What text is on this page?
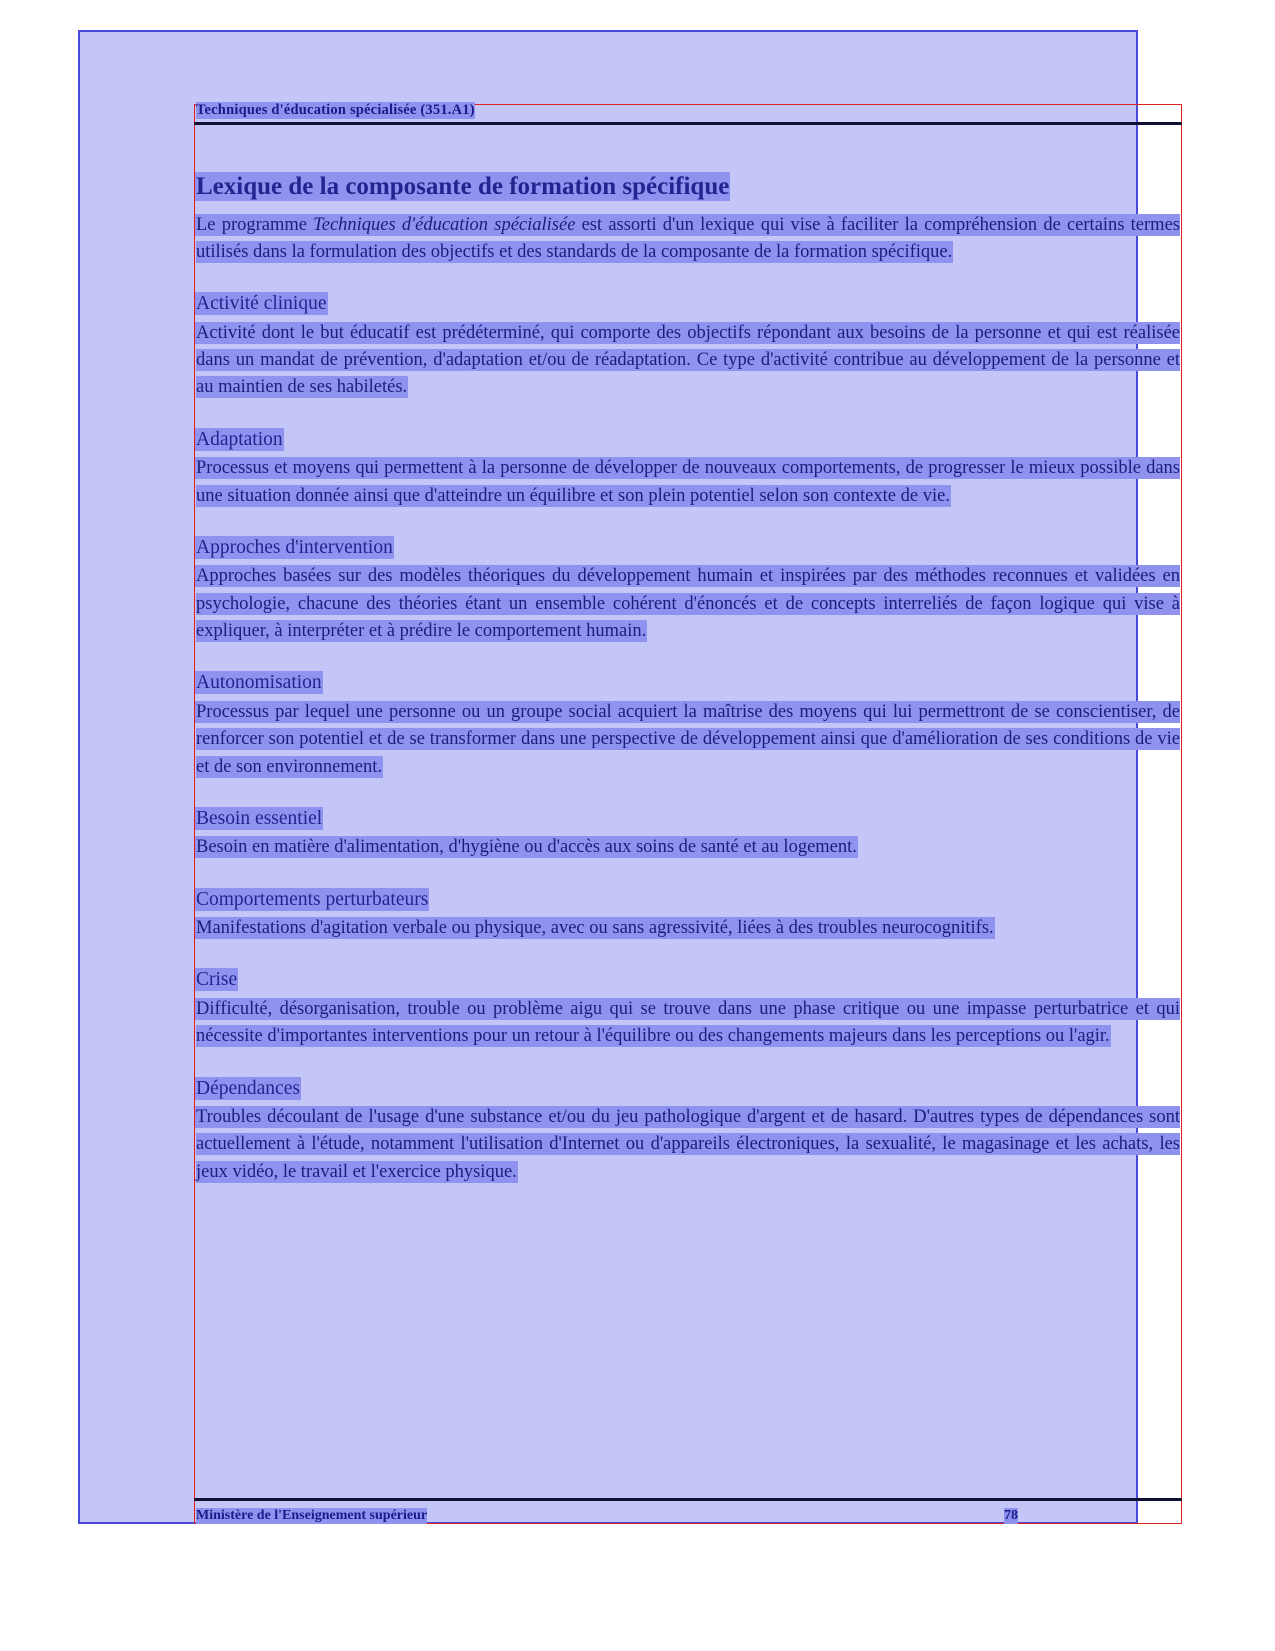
Techniques d'éducation spécialisée (351.A1)
Lexique de la composante de formation spécifique

Le programme Techniques d'éducation spécialisée est assorti d'un lexique qui vise à faciliter la compréhension de certains termes utilisés dans la formulation des objectifs et des standards de la composante de la formation spécifique.

Activité clinique

Activité dont le but éducatif est prédéterminé, qui comporte des objectifs répondant aux besoins de la personne et qui est réalisée dans un mandat de prévention, d'adaptation et/ou de réadaptation. Ce type d'activité contribue au développement de la personne et au maintien de ses habiletés.

Adaptation

Processus et moyens qui permettent à la personne de développer de nouveaux comportements, de progresser le mieux possible dans une situation donnée ainsi que d'atteindre un équilibre et son plein potentiel selon son contexte de vie.

Approches d'intervention

Approches basées sur des modèles théoriques du développement humain et inspirées par des méthodes reconnues et validées en psychologie, chacune des théories étant un ensemble cohérent d'énoncés et de concepts interreliés de façon logique qui vise à expliquer, à interpréter et à prédire le comportement humain.

Autonomisation

Processus par lequel une personne ou un groupe social acquiert la maîtrise des moyens qui lui permettront de se conscientiser, de renforcer son potentiel et de se transformer dans une perspective de développement ainsi que d'amélioration de ses conditions de vie et de son environnement.

Besoin essentiel

Besoin en matière d'alimentation, d'hygiène ou d'accès aux soins de santé et au logement.

Comportements perturbateurs

Manifestations d'agitation verbale ou physique, avec ou sans agressivité, liées à des troubles neurocognitifs.

Crise

Difficulté, désorganisation, trouble ou problème aigu qui se trouve dans une phase critique ou une impasse perturbatrice et qui nécessite d'importantes interventions pour un retour à l'équilibre ou des changements majeurs dans les perceptions ou l'agir.

Dépendances

Troubles découlant de l'usage d'une substance et/ou du jeu pathologique d'argent et de hasard. D'autres types de dépendances sont actuellement à l'étude, notamment l'utilisation d'Internet ou d'appareils électroniques, la sexualité, le magasinage et les achats, les jeux vidéo, le travail et l'exercice physique.

Ministère de l'Enseignement supérieur	78
